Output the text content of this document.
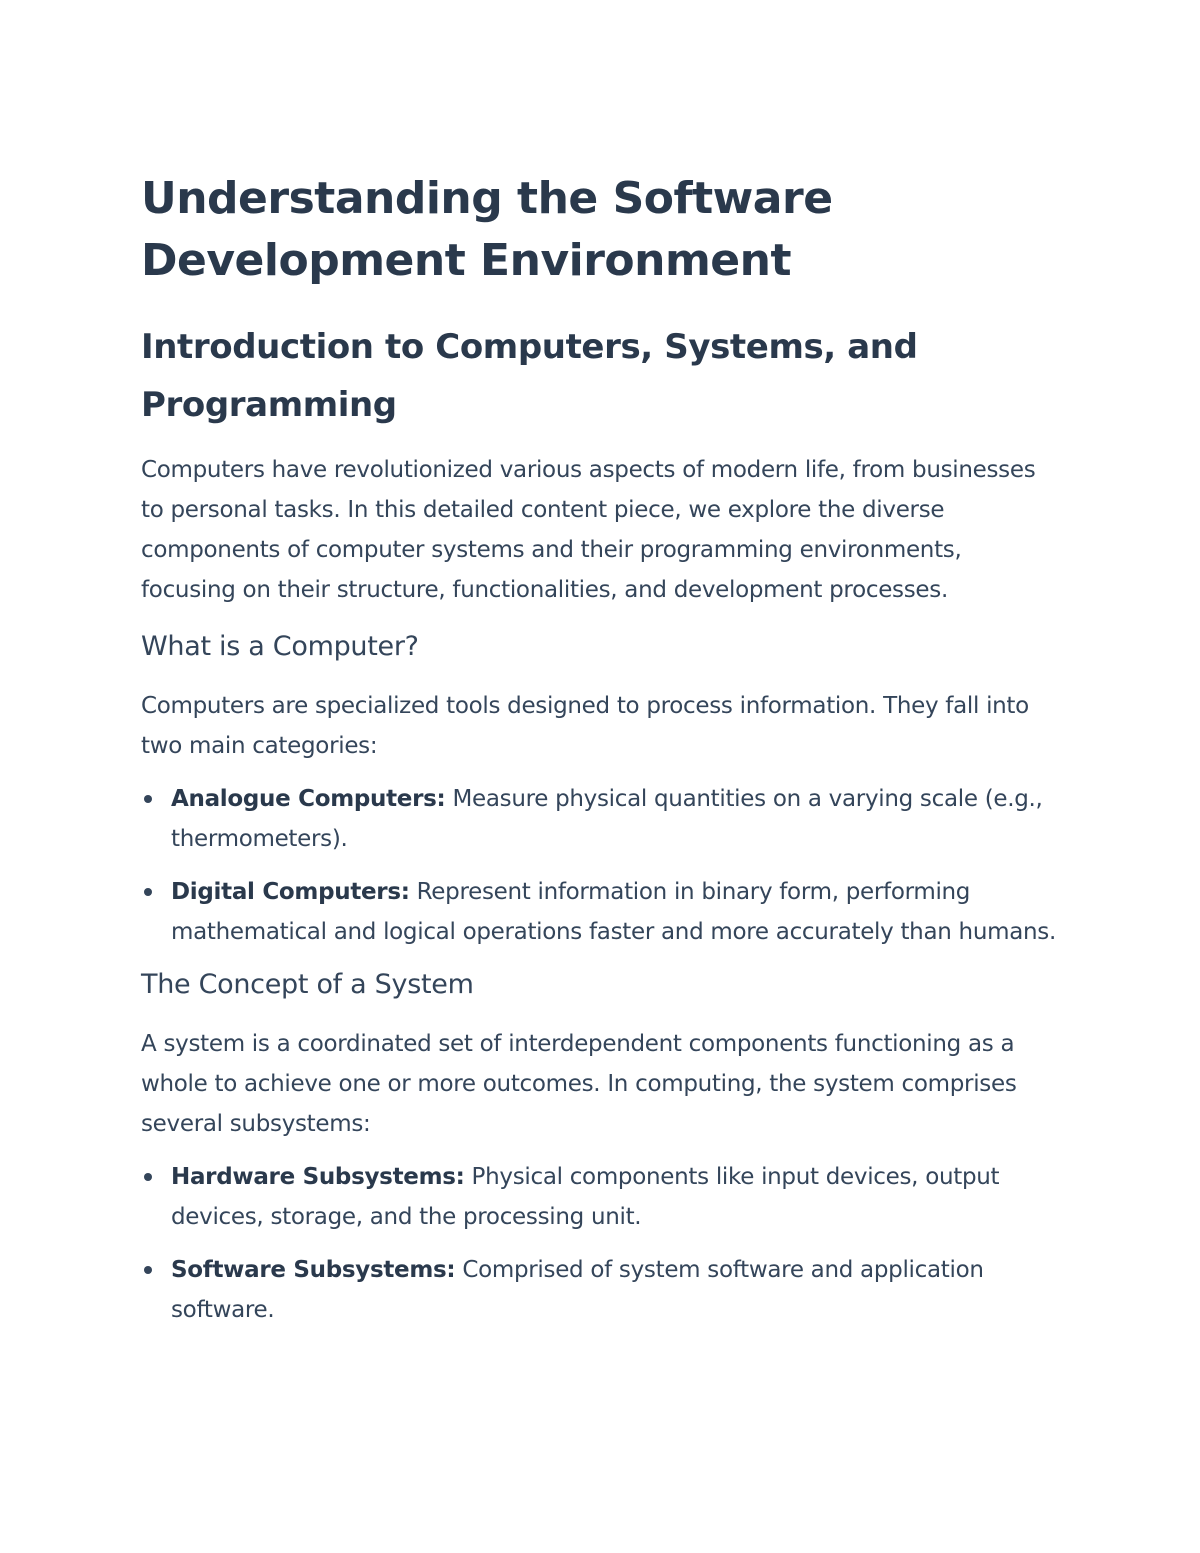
Understanding the Software
Development Environment
Introduction to Computers, Systems, and
Programming

Computers have revolutionized various aspects of modern life, from businesses to personal tasks. In this detailed content piece, we explore the diverse components of computer systems and their programming environments, focusing on their structure, functionalities, and development processes.

What is a Computer?

Computers are specialized tools designed to process information. They fall into two main categories:

Analogue Computers: Measure physical quantities on a varying scale (e.g., thermometers).
Digital Computers: Represent information in binary form, performing mathematical and logical operations faster and more accurately than humans.
The Concept of a System

A system is a coordinated set of interdependent components functioning as a whole to achieve one or more outcomes. In computing, the system comprises several subsystems:

Hardware Subsystems: Physical components like input devices, output devices, storage, and the processing unit.
Software Subsystems: Comprised of system software and application software.
